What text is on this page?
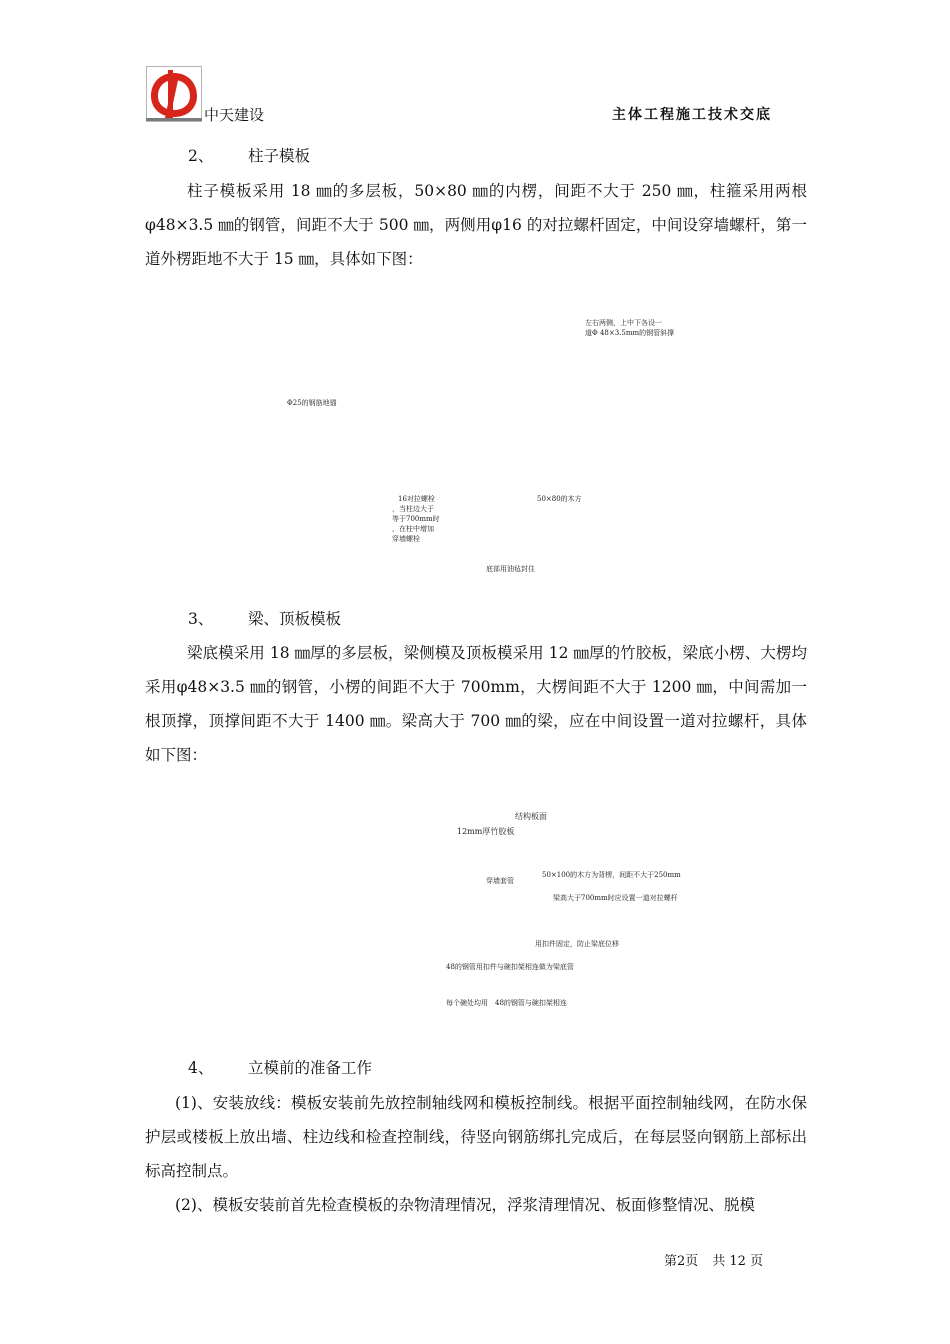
中天建设	主体工程施工技术交底
2、 柱子模板

柱子模板采用 18 ㎜的多层板，50×80 ㎜的内楞，间距不大于 250 ㎜，柱箍采用两根φ48×3.5 ㎜的钢管，间距不大于 500 ㎜，两侧用φ16 的对拉螺杆固定，中间设穿墙螺杆，第一道外楞距地不大于 15 ㎜，具体如下图：

左右两侧，上中下各设一
道Φ 48×3.5mm的钢管斜撑
Φ25的钢筋地锚
16对拉螺栓
，当柱边大于
等于700mm时
，在柱中增加
穿墙螺栓
50×80的木方
底部用油毡封住
3、 梁、顶板模板

梁底模采用 18 ㎜厚的多层板，梁侧模及顶板模采用 12 ㎜厚的竹胶板，梁底小楞、大楞均采用φ48×3.5 ㎜的钢管，小楞的间距不大于 700mm，大楞间距不大于 1200 ㎜，中间需加一根顶撑，顶撑间距不大于 1400 ㎜。梁高大于 700 ㎜的梁，应在中间设置一道对拉螺杆，具体如下图：

结构板面
12mm厚竹胶板
穿墙套管
50×100的木方为背楞，间距不大于250mm
梁高大于700mm时应设置一道对拉螺杆
用扣件固定，防止梁底位移
48的钢管用扣件与碗扣架相连做为梁底管
每个碗处均用　48的钢管与碗扣架相连
4、 立模前的准备工作

(1)、安装放线：模板安装前先放控制轴线网和模板控制线。根据平面控制轴线网，在防水保护层或楼板上放出墙、柱边线和检查控制线，待竖向钢筋绑扎完成后，在每层竖向钢筋上部标出标高控制点。

(2)、模板安装前首先检查模板的杂物清理情况，浮浆清理情况、板面修整情况、脱模

第2页 共 12 页
